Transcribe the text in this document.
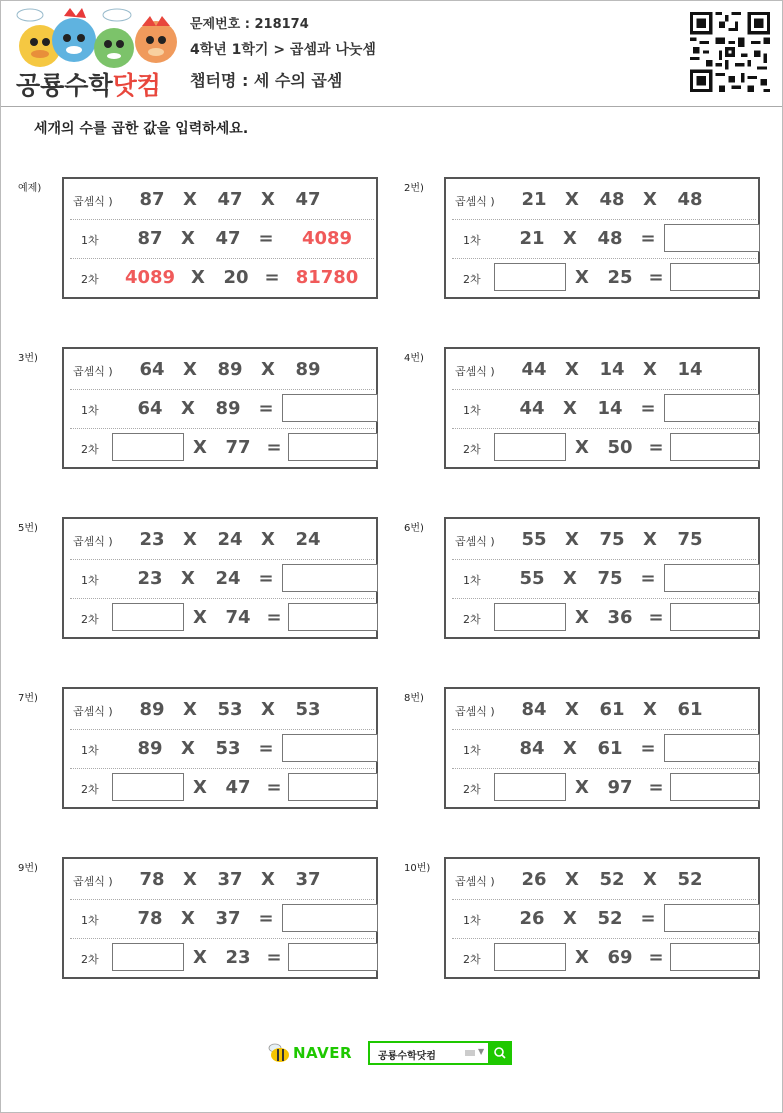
공룡수학닷컴
문제번호 : 218174
4학년 1학기 > 곱셈과 나눗셈
챕터명 : 세 수의 곱셈
세개의 수를 곱한 값을 입력하세요.
예제)
곱셈식 )	87	X	47	X	47
1차	87	X	47 =	4089
2차 4089 X	20 = 81780
2번)
곱셈식 )	21	X	48	X	48
1차	21	X	48 =
2차	X	25 =
3번)
곱셈식 )	64	X	89	X	89
1차	64	X	89 =
2차	X	77 =
4번)
곱셈식 )	44	X	14	X	14
1차	44	X	14 =
2차	X	50 =
5번)
곱셈식 )	23	X	24	X	24
1차	23	X	24 =
2차	X	74 =
6번)
곱셈식 )	55	X	75	X	75
1차	55	X	75 =
2차	X	36 =
7번)
곱셈식 )	89	X	53	X	53
1차	89	X	53 =
2차	X	47 =
8번)
곱셈식 )	84	X	61	X	61
1차	84	X	61 =
2차	X	97 =
9번)
곱셈식 )	78	X	37	X	37
1차	78	X	37 =
2차	X	23 =
10번)
곱셈식 )	26	X	52	X	52
1차	26	X	52 =
2차	X	69 =
NAVER	공룡수학닷컴	▼
